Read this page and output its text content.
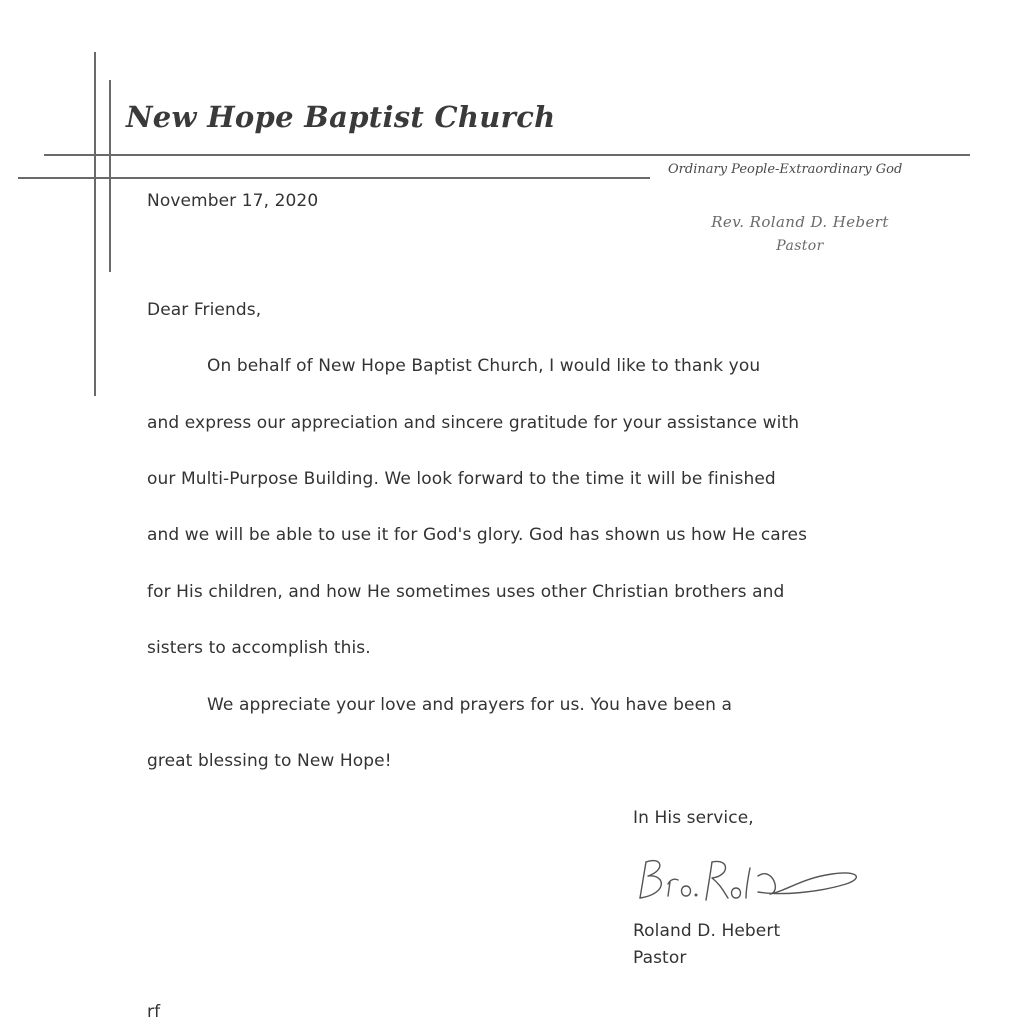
New Hope Baptist Church
Ordinary People-Extraordinary God
Rev. Roland D. Hebert
Pastor
November 17, 2020
Dear Friends,
On behalf of New Hope Baptist Church, I would like to thank you
and express our appreciation and sincere gratitude for your assistance with
our Multi-Purpose Building. We look forward to the time it will be finished
and we will be able to use it for God's glory. God has shown us how He cares
for His children, and how He sometimes uses other Christian brothers and
sisters to accomplish this.
We appreciate your love and prayers for us. You have been a
great blessing to New Hope!
In His service,
Roland D. Hebert
Pastor
rf
